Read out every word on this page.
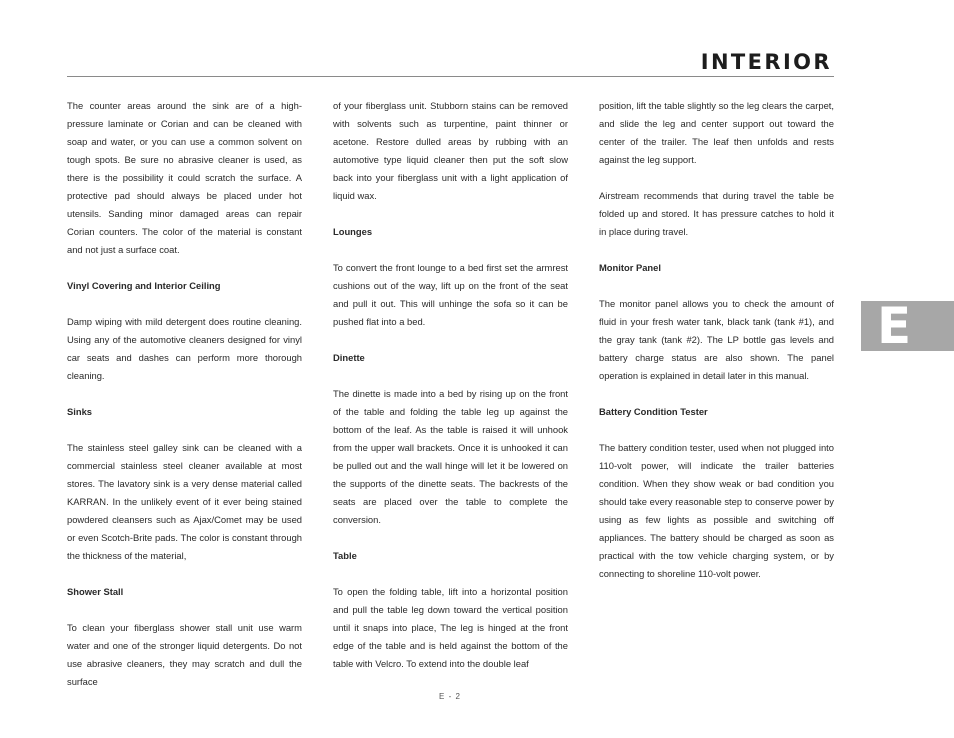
INTERIOR

The counter areas around the sink are of a high-pressure laminate or Corian and can be cleaned with soap and water, or you can use a common solvent on tough spots. Be sure no abrasive cleaner is used, as there is the possibility it could scratch the surface. A protective pad should always be placed under hot utensils. Sanding minor damaged areas can repair Corian counters. The color of the material is constant and not just a surface coat.

Vinyl Covering and Interior Ceiling

Damp wiping with mild detergent does routine cleaning. Using any of the automotive cleaners designed for vinyl car seats and dashes can perform more thorough cleaning.

Sinks

The stainless steel galley sink can be cleaned with a commercial stainless steel cleaner available at most stores. The lavatory sink is a very dense material called KARRAN. In the unlikely event of it ever being stained powdered cleansers such as Ajax/Comet may be used or even Scotch-Brite pads. The color is constant through the thickness of the material,

Shower Stall

To clean your fiberglass shower stall unit use warm water and one of the stronger liquid detergents. Do not use abrasive cleaners, they may scratch and dull the surface

of your fiberglass unit. Stubborn stains can be removed with solvents such as turpentine, paint thinner or acetone. Restore dulled areas by rubbing with an automotive type liquid cleaner then put the soft slow back into your fiberglass unit with a light application of liquid wax.

Lounges

To convert the front lounge to a bed first set the armrest cushions out of the way, lift up on the front of the seat and pull it out. This will unhinge the sofa so it can be pushed flat into a bed.

Dinette

The dinette is made into a bed by rising up on the front of the table and folding the table leg up against the bottom of the leaf. As the table is raised it will unhook from the upper wall brackets. Once it is unhooked it can be pulled out and the wall hinge will let it be lowered on the supports of the dinette seats. The backrests of the seats are placed over the table to complete the conversion.

Table

To open the folding table, lift into a horizontal position and pull the table leg down toward the vertical position until it snaps into place, The leg is hinged at the front edge of the table and is held against the bottom of the table with Velcro. To extend into the double leaf

position, lift the table slightly so the leg clears the carpet, and slide the leg and center support out toward the center of the trailer. The leaf then unfolds and rests against the leg support.

Airstream recommends that during travel the table be folded up and stored. It has pressure catches to hold it in place during travel.

Monitor Panel

The monitor panel allows you to check the amount of fluid in your fresh water tank, black tank (tank #1), and the gray tank (tank #2). The LP bottle gas levels and battery charge status are also shown. The panel operation is explained in detail later in this manual.

Battery Condition Tester

The battery condition tester, used when not plugged into 110-volt power, will indicate the trailer batteries condition. When they show weak or bad condition you should take every reasonable step to conserve power by using as few lights as possible and switching off appliances. The battery should be charged as soon as practical with the tow vehicle charging system, or by connecting to shoreline 110-volt power.

E
E - 2
